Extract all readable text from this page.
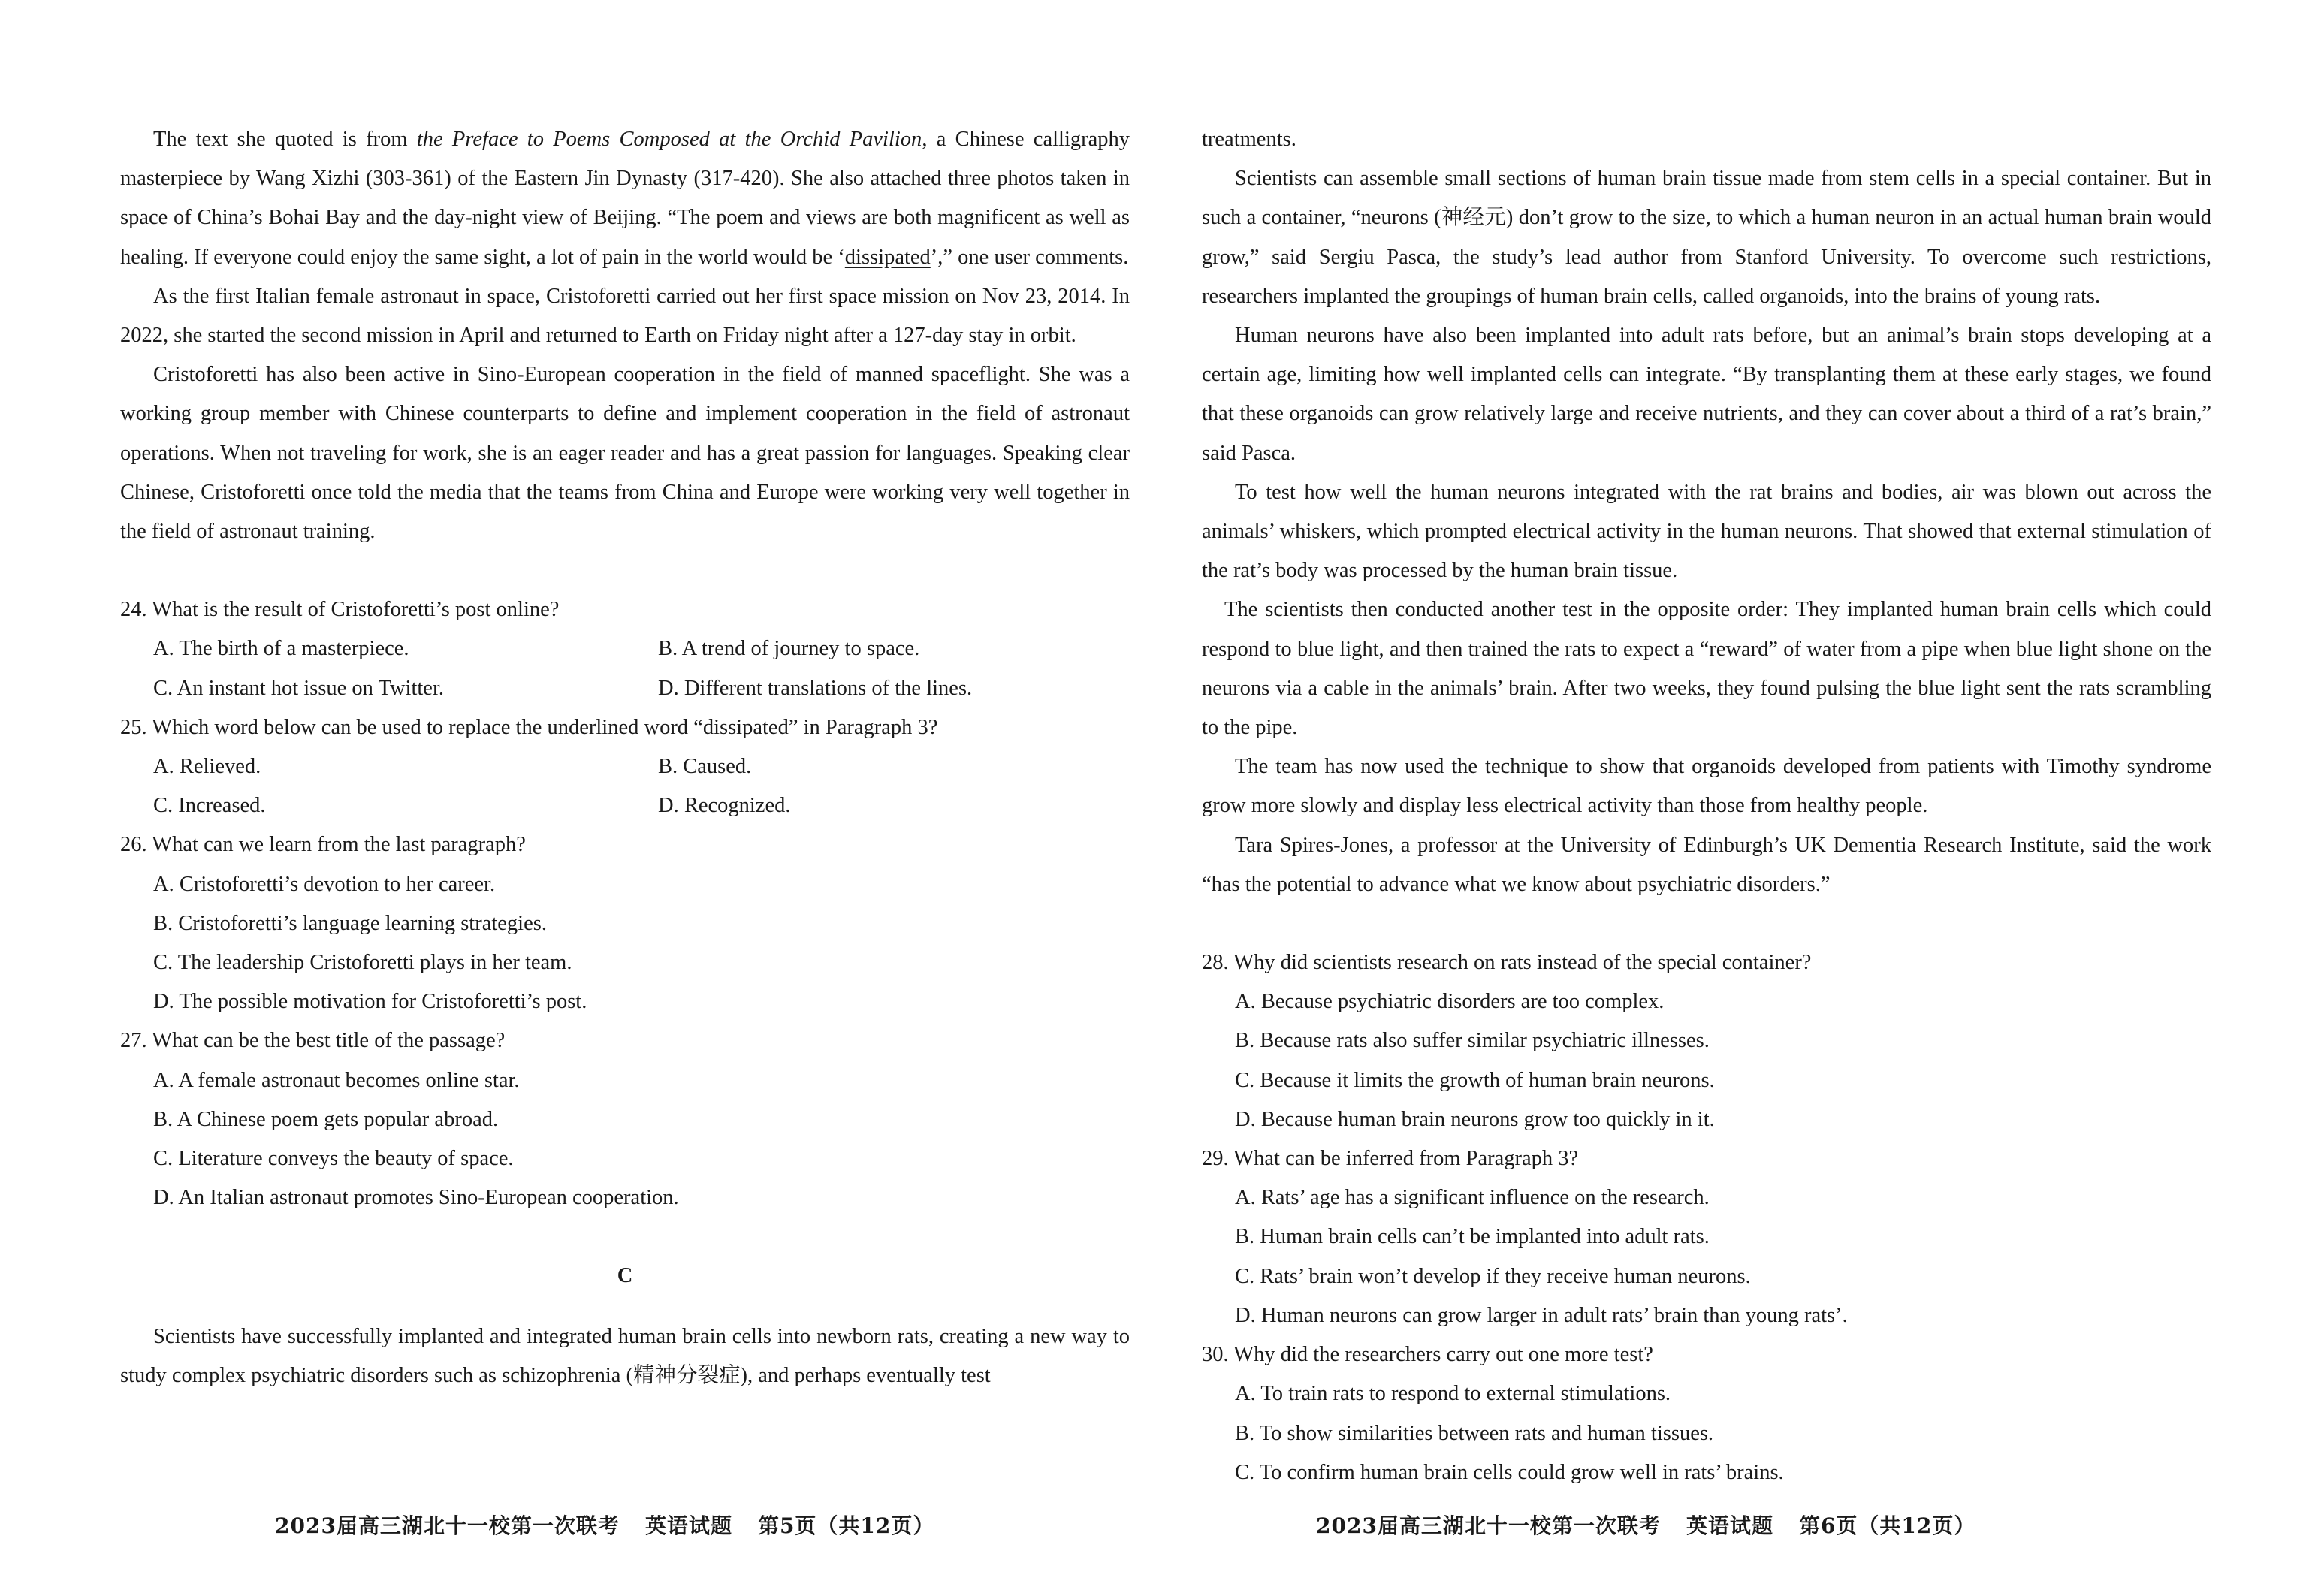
The text she quoted is from the Preface to Poems Composed at the Orchid Pavilion, a Chinese calligraphy masterpiece by Wang Xizhi (303-361) of the Eastern Jin Dynasty (317-420). She also attached three photos taken in space of China’s Bohai Bay and the day-night view of Beijing. “The poem and views are both magnificent as well as healing. If everyone could enjoy the same sight, a lot of pain in the world would be ‘dissipated’,” one user comments.

As the first Italian female astronaut in space, Cristoforetti carried out her first space mission on Nov 23, 2014. In 2022, she started the second mission in April and returned to Earth on Friday night after a 127-day stay in orbit.

Cristoforetti has also been active in Sino-European cooperation in the field of manned spaceflight. She was a working group member with Chinese counterparts to define and implement cooperation in the field of astronaut operations. When not traveling for work, she is an eager reader and has a great passion for languages. Speaking clear Chinese, Cristoforetti once told the media that the teams from China and Europe were working very well together in the field of astronaut training.

24. What is the result of Cristoforetti’s post online?

A. The birth of a masterpiece.	B. A trend of journey to space.
C. An instant hot issue on Twitter.	D. Different translations of the lines.

25. Which word below can be used to replace the underlined word “dissipated” in Paragraph 3?

A. Relieved.	B. Caused.
C. Increased.	D. Recognized.

26. What can we learn from the last paragraph?

A. Cristoforetti’s devotion to her career.

B. Cristoforetti’s language learning strategies.

C. The leadership Cristoforetti plays in her team.

D. The possible motivation for Cristoforetti’s post.

27. What can be the best title of the passage?

A. A female astronaut becomes online star.

B. A Chinese poem gets popular abroad.

C. Literature conveys the beauty of space.

D. An Italian astronaut promotes Sino-European cooperation.

C

Scientists have successfully implanted and integrated human brain cells into newborn rats, creating a new way to study complex psychiatric disorders such as schizophrenia (精神分裂症), and perhaps eventually test

treatments.

Scientists can assemble small sections of human brain tissue made from stem cells in a special container. But in such a container, “neurons (神经元) don’t grow to the size, to which a human neuron in an actual human brain would grow,” said Sergiu Pasca, the study’s lead author from Stanford University. To overcome such restrictions, researchers implanted the groupings of human brain cells, called organoids, into the brains of young rats.

Human neurons have also been implanted into adult rats before, but an animal’s brain stops developing at a certain age, limiting how well implanted cells can integrate. “By transplanting them at these early stages, we found that these organoids can grow relatively large and receive nutrients, and they can cover about a third of a rat’s brain,” said Pasca.

To test how well the human neurons integrated with the rat brains and bodies, air was blown out across the animals’ whiskers, which prompted electrical activity in the human neurons. That showed that external stimulation of the rat’s body was processed by the human brain tissue.

The scientists then conducted another test in the opposite order: They implanted human brain cells which could respond to blue light, and then trained the rats to expect a “reward” of water from a pipe when blue light shone on the neurons via a cable in the animals’ brain. After two weeks, they found pulsing the blue light sent the rats scrambling to the pipe.

The team has now used the technique to show that organoids developed from patients with Timothy syndrome grow more slowly and display less electrical activity than those from healthy people.

Tara Spires-Jones, a professor at the University of Edinburgh’s UK Dementia Research Institute, said the work “has the potential to advance what we know about psychiatric disorders.”

28. Why did scientists research on rats instead of the special container?

A. Because psychiatric disorders are too complex.

B. Because rats also suffer similar psychiatric illnesses.

C. Because it limits the growth of human brain neurons.

D. Because human brain neurons grow too quickly in it.

29. What can be inferred from Paragraph 3?

A. Rats’ age has a significant influence on the research.

B. Human brain cells can’t be implanted into adult rats.

C. Rats’ brain won’t develop if they receive human neurons.

D. Human neurons can grow larger in adult rats’ brain than young rats’.

30. Why did the researchers carry out one more test?

A. To train rats to respond to external stimulations.

B. To show similarities between rats and human tissues.

C. To confirm human brain cells could grow well in rats’ brains.

2023届高三湖北十一校第一次联考 英语试题 第5页（共12页）	2023届高三湖北十一校第一次联考 英语试题 第6页（共12页）
